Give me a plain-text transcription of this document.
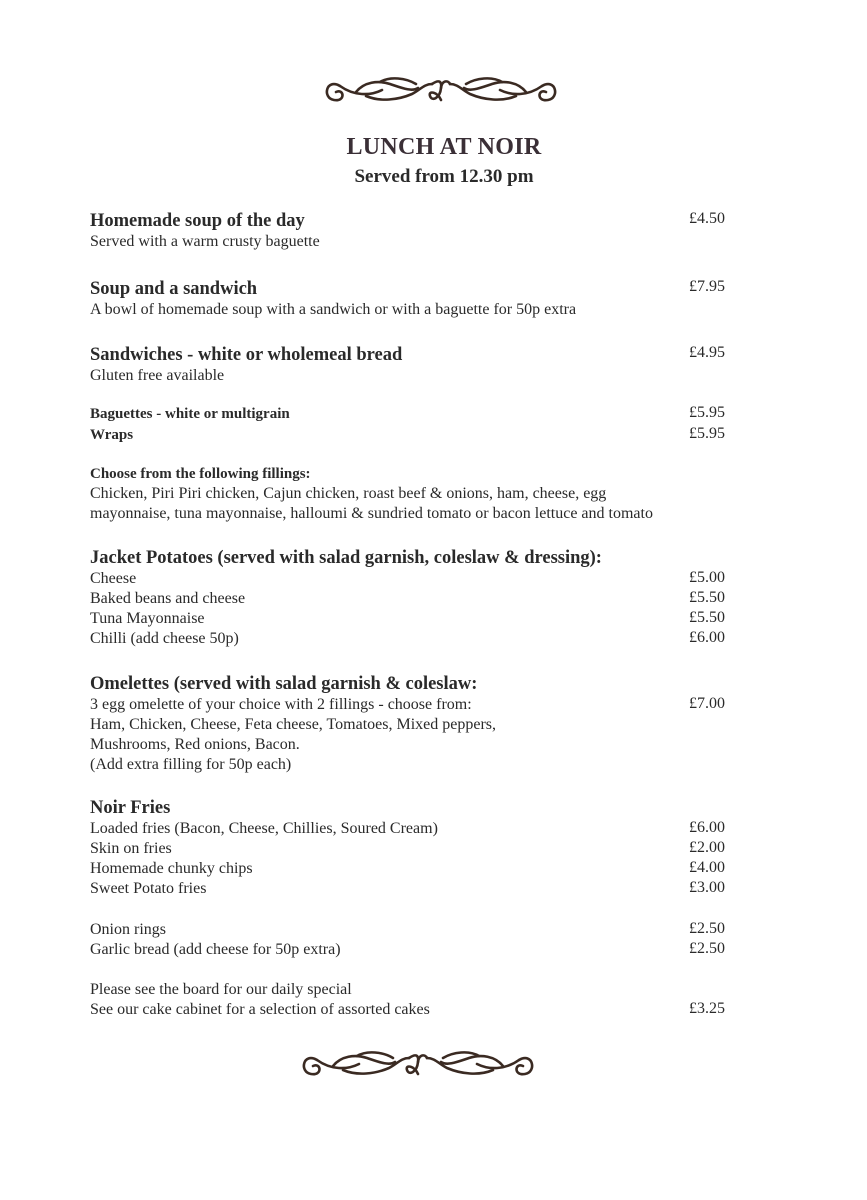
LUNCH AT NOIR
Served from 12.30 pm
Homemade soup of the day
Served with a warm crusty baguette
£4.50
Soup and a sandwich
A bowl of homemade soup with a sandwich or with a baguette for 50p extra
£7.95
Sandwiches - white or wholemeal bread
Gluten free available
£4.95
Baguettes - white or multigrain	£5.95
Wraps	£5.95
Choose from the following fillings:
Chicken, Piri Piri chicken, Cajun chicken, roast beef & onions, ham, cheese, egg
mayonnaise, tuna mayonnaise, halloumi & sundried tomato or bacon lettuce and tomato
Jacket Potatoes (served with salad garnish, coleslaw & dressing):
Cheese	£5.00
Baked beans and cheese	£5.50
Tuna Mayonnaise	£5.50
Chilli (add cheese 50p)	£6.00
Omelettes (served with salad garnish & coleslaw:
3 egg omelette of your choice with 2 fillings - choose from:
Ham, Chicken, Cheese, Feta cheese, Tomatoes, Mixed peppers,
Mushrooms, Red onions, Bacon.
(Add extra filling for 50p each)
£7.00
Noir Fries
Loaded fries (Bacon, Cheese, Chillies, Soured Cream)	£6.00
Skin on fries	£2.00
Homemade chunky chips	£4.00
Sweet Potato fries	£3.00
Onion rings	£2.50
Garlic bread (add cheese for 50p extra)	£2.50
Please see the board for our daily special
See our cake cabinet for a selection of assorted cakes	£3.25
